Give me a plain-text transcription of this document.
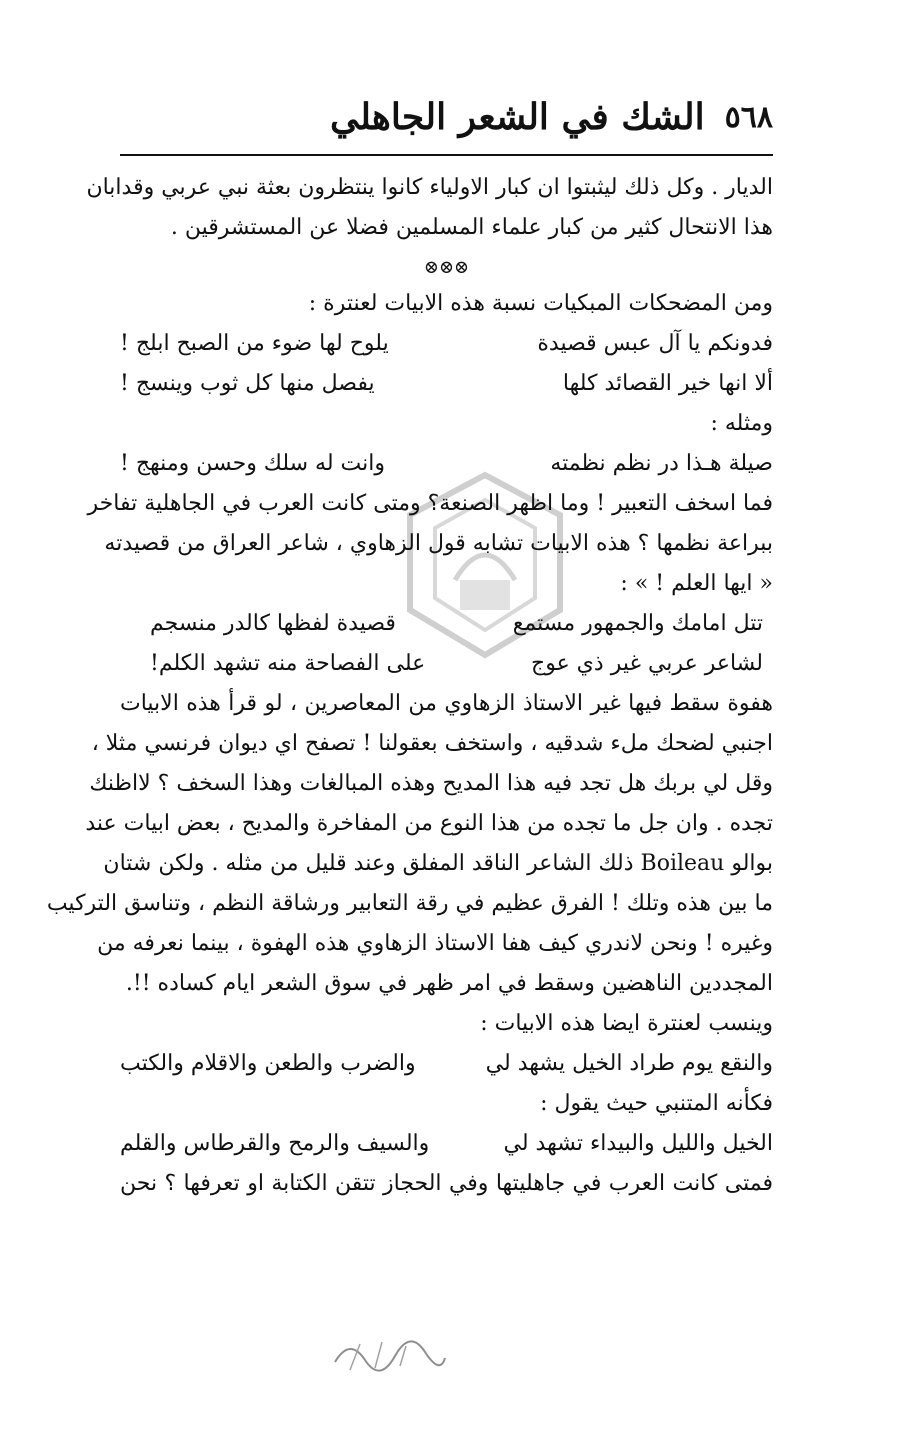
٥٦٨
الشك في الشعر الجاهلي
الديار . وكل ذلك ليثبتوا ان كبار الاولياء كانوا ينتظرون بعثة نبي عربي وقدابان
هذا الانتحال كثير من كبار علماء المسلمين فضلا عن المستشرقين .
⊗⊗⊗
ومن المضحكات المبكيات نسبة هذه الابيات لعنترة :
فدونكم يا آل عبس قصيدة
يلوح لها ضوء من الصبح ابلج !
ألا انها خير القصائد كلها
يفصل منها كل ثوب وينسج !
ومثله :
صيلة هـذا در نظم نظمته
وانت له سلك وحسن ومنهج !
فما اسخف التعبير ! وما اظهر الصنعة؟ ومتى كانت العرب في الجاهلية تفاخر
ببراعة نظمها ؟ هذه الابيات تشابه قول الزهاوي ، شاعر العراق من قصيدته
« ايها العلم ! » :
تتل امامك والجمهور مستمع
قصيدة لفظها كالدر منسجم
لشاعر عربي غير ذي عوج
على الفصاحة منه تشهد الكلم!
هفوة سقط فيها غير الاستاذ الزهاوي من المعاصرين ، لو قرأ هذه الابيات
اجنبي لضحك ملء شدقيه ، واستخف بعقولنا ! تصفح اي ديوان فرنسي مثلا ،
وقل لي بربك هل تجد فيه هذا المديح وهذه المبالغات وهذا السخف ؟ لااظنك
تجده . وان جل ما تجده من هذا النوع من المفاخرة والمديح ، بعض ابيات عند
بوالو Boileau ذلك الشاعر الناقد المفلق وعند قليل من مثله . ولكن شتان
ما بين هذه وتلك ! الفرق عظيم في رقة التعابير ورشاقة النظم ، وتناسق التركيب
وغيره ! ونحن لاندري كيف هفا الاستاذ الزهاوي هذه الهفوة ، بينما نعرفه من
المجددين الناهضين وسقط في امر ظهر في سوق الشعر ايام كساده !!.
وينسب لعنترة ايضا هذه الابيات :
والنقع يوم طراد الخيل يشهد لي
والضرب والطعن والاقلام والكتب
فكأنه المتنبي حيث يقول :
الخيل والليل والبيداء تشهد لي
والسيف والرمح والقرطاس والقلم
فمتى كانت العرب في جاهليتها وفي الحجاز تتقن الكتابة او تعرفها ؟ نحن
